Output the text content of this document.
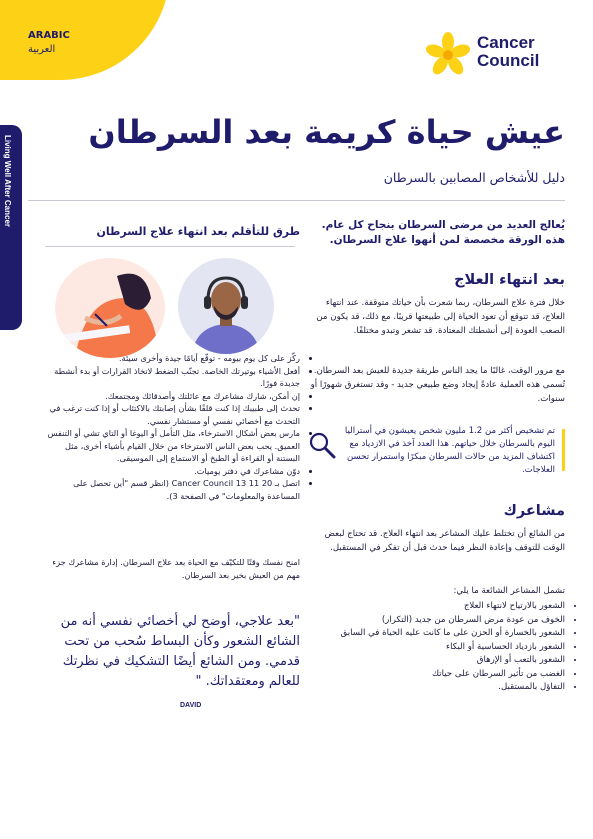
ARABIC
العربية	Cancer
Council
Living Well After Cancer
عيش حياة كريمة بعد السرطان
دليل للأشخاص المصابين بالسرطان
يُعالج العديد من مرضى السرطان بنجاح كل عام. هذه الورقة مخصصة لمن أنهوا علاج السرطان.
بعد انتهاء العلاج
خلال فترة علاج السرطان، ربما شعرت بأن حياتك متوقفة. عند انتهاء العلاج، قد تتوقع أن تعود الحياة إلى طبيعتها قريبًا. مع ذلك، قد يكون من الصعب العودة إلى أنشطتك المعتادة. قد تشعر وتبدو مختلفًا.
مع مرور الوقت، غالبًا ما يجد الناس طريقة جديدة للعيش بعد السرطان. تُسمى هذه العملية عادةً إيجاد وضع طبيعي جديد - وقد تستغرق شهورًا أو سنوات.
تم تشخيص أكثر من 1.2 مليون شخص يعيشون في أستراليا اليوم بالسرطان خلال حياتهم. هذا العدد آخذ في الازدياد مع اكتشاف المزيد من حالات السرطان مبكرًا واستمرار تحسن العلاجات.
مشاعرك
من الشائع أن تختلط عليك المشاعر بعد انتهاء العلاج. قد تحتاج لبعض الوقت للتوقف وإعادة النظر فيما حدث قبل أن تفكر في المستقبل.
تشمل المشاعر الشائعة ما يلي:
• الشعور بالارتياح لانتهاء العلاج
• الخوف من عودة مرض السرطان من جديد (التكرار)
• الشعور بالخسارة أو الحزن على ما كانت عليه الحياة في السابق
• الشعور بازدياد الحساسية أو البكاء
• الشعور بالتعب أو الإرهاق
• الغضب من تأثير السرطان على حياتك
• التفاؤل بالمستقبل.
طرق للتأقلم بعد انتهاء علاج السرطان
• ركّز على كل يوم بيومه - توقّع أيامًا جيدة وأخرى سيئة.
• أفعل الأشياء بوتيرتك الخاصة. تجنّب الضغط لاتخاذ القرارات أو بدء أنشطة جديدة فورًا.
• إن أمكن، شارك مشاعرك مع عائلتك وأصدقائك ومجتمعك.
• تحدث إلى طبيبك إذا كنت قلقًا بشأن إصابتك بالاكتئاب أو إذا كنت ترغب في التحدث مع أخصائي نفسي أو مستشار نفسي.
• مارس بعض أشكال الاسترخاء، مثل التأمل أو اليوغا أو التاي تشي أو التنفس العميق. يحب بعض الناس الاسترخاء من خلال القيام بأشياء أخرى، مثل البستنة أو القراءة أو الطبخ أو الاستماع إلى الموسيقى.
• دوّن مشاعرك في دفتر يوميات.
• اتصل بـ 20 11 13 Cancer Council (انظر قسم "أين تحصل على المساعدة والمعلومات" في الصفحة 3).
امنح نفسك وقتًا للتكيّف مع الحياة بعد علاج السرطان. إدارة مشاعرك جزء مهم من العيش بخير بعد السرطان.
"بعد علاجي، أوضح لي أخصائي نفسي أنه من الشائع الشعور وكأن البساط سُحب من تحت قدمي. ومن الشائع أيضًا التشكيك في نظرتك للعالم ومعتقداتك. "
DAVID
